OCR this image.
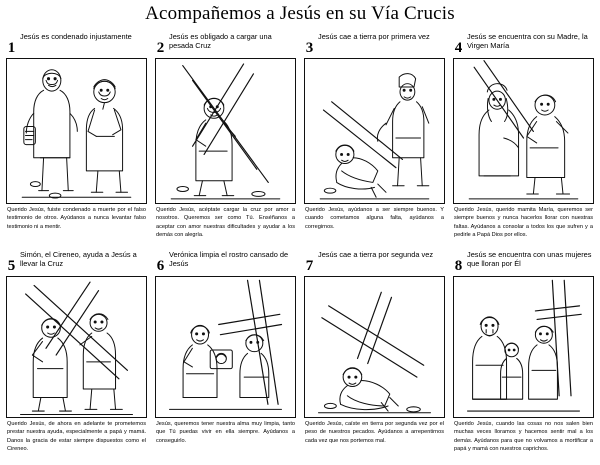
Acompañemos a Jesús en su Vía Crucis
1
Jesús es condenado injustamente
Querido Jesús, fuiste condenado a muerte por el falso testimonio de otros. Ayúdanos a nunca levantar falso testimonio ni a mentir.
2
Jesús es obligado a cargar una pesada Cruz
Querido Jesús, acéptate cargar la cruz por amor a nosotros. Queremos ser como Tú. Enséñanos a aceptar con amor nuestras dificultades y ayudar a los demás con alegría.
3
Jesús cae a tierra por primera vez
Querido Jesús, ayúdanos a ser siempre buenos. Y cuando cometamos alguna falta, ayúdanos a corregirnos.
4
Jesús se encuentra con su Madre, la Virgen María
Querido Jesús, querido mamita María, queremos ser siempre buenos y nunca hacerlos llorar con nuestras faltas. Ayúdanos a consolar a todos los que sufren y a pedirle a Papá Dios por ellos.
5
Simón, el Cireneo, ayuda a Jesús a llevar la Cruz
Querido Jesús, de ahora en adelante te prometemos prestar nuestra ayuda, especialmente a papá y mamá. Danos la gracia de estar siempre dispuestos como el Cireneo.
6
Verónica limpia el rostro cansado de Jesús
Jesús, queremos tener nuestra alma muy limpia, tanto que Tú puedas vivir en ella siempre. Ayúdanos a conseguirlo.
7
Jesús cae a tierra por segunda vez
Querido Jesús, caíste en tierra por segunda vez por el peso de nuestros pecados. Ayúdanos a arrepentirnos cada vez que nos portemos mal.
8
Jesús se encuentra con unas mujeres que lloran por Él
Querido Jesús, cuando las cosas no nos salen bien muchas veces lloramos y hacemos sentir mal a los demás. Ayúdanos para que no volvamos a mortificar a papá y mamá con nuestros caprichos.
